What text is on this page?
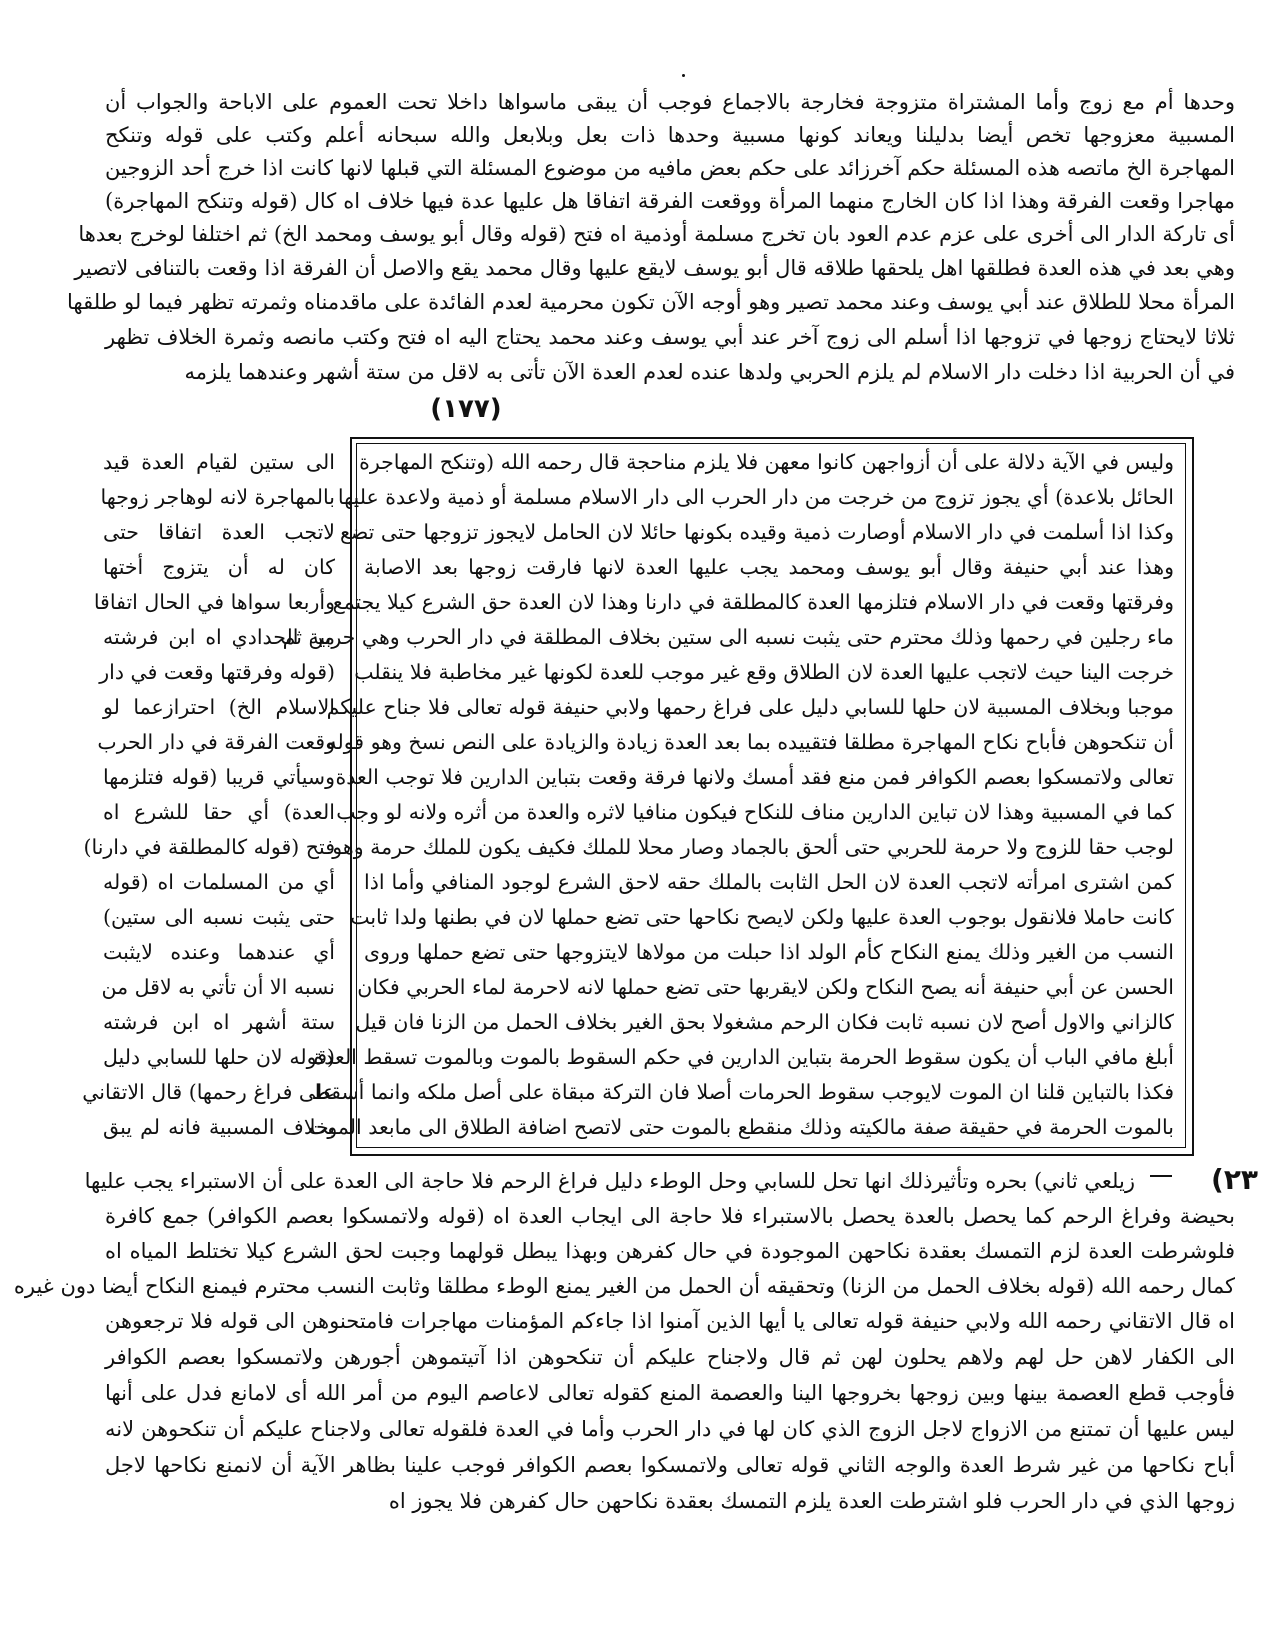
وحدها أم مع زوج وأما المشتراة متزوجة فخارجة بالاجماع فوجب أن يبقى ماسواها داخلا تحت العموم على الاباحة والجواب أن
المسبية معزوجها تخص أيضا بدليلنا ويعاند كونها مسبية وحدها ذات بعل وبلابعل والله سبحانه أعلم وكتب على قوله وتنكح
المهاجرة الخ ماتصه هذه المسئلة حكم آخرزائد على حكم بعض مافيه من موضوع المسئلة التي قبلها لانها كانت اذا خرج أحد الزوجين
مهاجرا وقعت الفرقة وهذا اذا كان الخارج منهما المرأة ووقعت الفرقة اتفاقا هل عليها عدة فيها خلاف اه كال (قوله وتنكح المهاجرة)
أى تاركة الدار الى أخرى على عزم عدم العود بان تخرج مسلمة أوذمية اه فتح (قوله وقال أبو يوسف ومحمد الخ) ثم اختلفا لوخرج بعدها
وهي بعد في هذه العدة فطلقها اهل يلحقها طلاقه قال أبو يوسف لايقع عليها وقال محمد يقع والاصل أن الفرقة اذا وقعت بالتنافى لاتصير
المرأة محلا للطلاق عند أبي يوسف وعند محمد تصير وهو أوجه الآن تكون محرمية لعدم الفائدة على ماقدمناه وثمرته تظهر فيما لو طلقها
ثلاثا لايحتاج زوجها في تزوجها اذا أسلم الى زوج آخر عند أبي يوسف وعند محمد يحتاج اليه اه فتح وكتب مانصه وثمرة الخلاف تظهر
في أن الحربية اذا دخلت دار الاسلام لم يلزم الحربي ولدها عنده لعدم العدة الآن تأتى به لاقل من ستة أشهر وعندهما يلزمه
(١٧٧)
وليس في الآية دلالة على أن أزواجهن كانوا معهن فلا يلزم مناحجة قال رحمه الله (وتنكح المهاجرة
الحائل بلاعدة) أي يجوز تزوج من خرجت من دار الحرب الى دار الاسلام مسلمة أو ذمية ولاعدة عليها
وكذا اذا أسلمت في دار الاسلام أوصارت ذمية وقيده بكونها حائلا لان الحامل لايجوز تزوجها حتى تضع
وهذا عند أبي حنيفة وقال أبو يوسف ومحمد يجب عليها العدة لانها فارقت زوجها بعد الاصابة
وفرقتها وقعت في دار الاسلام فتلزمها العدة كالمطلقة في دارنا وهذا لان العدة حق الشرع كيلا يجتمع
ماء رجلين في رحمها وذلك محترم حتى يثبت نسبه الى ستين بخلاف المطلقة في دار الحرب وهي حربية ثم
خرجت الينا حيث لاتجب عليها العدة لان الطلاق وقع غير موجب للعدة لكونها غير مخاطبة فلا ينقلب
موجبا وبخلاف المسبية لان حلها للسابي دليل على فراغ رحمها ولابي حنيفة قوله تعالى فلا جناح عليكم
أن تنكحوهن فأباح نكاح المهاجرة مطلقا فتقييده بما بعد العدة زيادة والزيادة على النص نسخ وهو قوله
تعالى ولاتمسكوا بعصم الكوافر فمن منع فقد أمسك ولانها فرقة وقعت بتباين الدارين فلا توجب العدة
كما في المسبية وهذا لان تباين الدارين مناف للنكاح فيكون منافيا لاثره والعدة من أثره ولانه لو وجب
لوجب حقا للزوج ولا حرمة للحربي حتى ألحق بالجماد وصار محلا للملك فكيف يكون للملك حرمة وهو
كمن اشترى امرأته لاتجب العدة لان الحل الثابت بالملك حقه لاحق الشرع لوجود المنافي وأما اذا
كانت حاملا فلانقول بوجوب العدة عليها ولكن لايصح نكاحها حتى تضع حملها لان في بطنها ولدا ثابت
النسب من الغير وذلك يمنع النكاح كأم الولد اذا حبلت من مولاها لايتزوجها حتى تضع حملها وروى
الحسن عن أبي حنيفة أنه يصح النكاح ولكن لايقربها حتى تضع حملها لانه لاحرمة لماء الحربي فكان
كالزاني والاول أصح لان نسبه ثابت فكان الرحم مشغولا بحق الغير بخلاف الحمل من الزنا فان قيل
أبلغ مافي الباب أن يكون سقوط الحرمة بتباين الدارين في حكم السقوط بالموت وبالموت تسقط العدة
فكذا بالتباين قلنا ان الموت لايوجب سقوط الحرمات أصلا فان التركة مبقاة على أصل ملكه وانما أسقط
بالموت الحرمة في حقيقة صفة مالكيته وذلك منقطع بالموت حتى لاتصح اضافة الطلاق الى مابعد الموت
الى ستين لقيام العدة قيد
بالمهاجرة لانه لوهاجر زوجها
لاتجب العدة اتفاقا حتى
كان له أن يتزوج أختها
وأربعا سواها في الحال اتفاقا
من الحدادي اه ابن فرشته
(قوله وفرقتها وقعت في دار
الاسلام الخ) احترازعما لو
وقعت الفرقة في دار الحرب
وسيأتي قريبا (قوله فتلزمها
العدة) أي حقا للشرع اه
فتح (قوله كالمطلقة في دارنا)
أي من المسلمات اه (قوله
حتى يثبت نسبه الى ستين)
أي عندهما وعنده لايثبت
نسبه الا أن تأتي به لاقل من
ستة أشهر اه ابن فرشته
(قوله لان حلها للسابي دليل
على فراغ رحمها) قال الاتقاني
بخلاف المسبية فانه لم يبق
(٢٣
زيلعي ثاني) بحره وتأثيرذلك انها تحل للسابي وحل الوطء دليل فراغ الرحم فلا حاجة الى العدة على أن الاستبراء يجب عليها
بحيضة وفراغ الرحم كما يحصل بالعدة يحصل بالاستبراء فلا حاجة الى ايجاب العدة اه (قوله ولاتمسكوا بعصم الكوافر) جمع كافرة
فلوشرطت العدة لزم التمسك بعقدة نكاحهن الموجودة في حال كفرهن وبهذا يبطل قولهما وجبت لحق الشرع كيلا تختلط المياه اه
كمال رحمه الله (قوله بخلاف الحمل من الزنا) وتحقيقه أن الحمل من الغير يمنع الوطء مطلقا وثابت النسب محترم فيمنع النكاح أيضا دون غيره
اه قال الاتقاني رحمه الله ولابي حنيفة قوله تعالى يا أيها الذين آمنوا اذا جاءكم المؤمنات مهاجرات فامتحنوهن الى قوله فلا ترجعوهن
الى الكفار لاهن حل لهم ولاهم يحلون لهن ثم قال ولاجناح عليكم أن تنكحوهن اذا آتيتموهن أجورهن ولاتمسكوا بعصم الكوافر
فأوجب قطع العصمة بينها وبين زوجها بخروجها الينا والعصمة المنع كقوله تعالى لاعاصم اليوم من أمر الله أى لامانع فدل على أنها
ليس عليها أن تمتنع من الازواج لاجل الزوج الذي كان لها في دار الحرب وأما في العدة فلقوله تعالى ولاجناح عليكم أن تنكحوهن لانه
أباح نكاحها من غير شرط العدة والوجه الثاني قوله تعالى ولاتمسكوا بعصم الكوافر فوجب علينا بظاهر الآية أن لانمنع نكاحها لاجل
زوجها الذي في دار الحرب فلو اشترطت العدة يلزم التمسك بعقدة نكاحهن حال كفرهن فلا يجوز اه
